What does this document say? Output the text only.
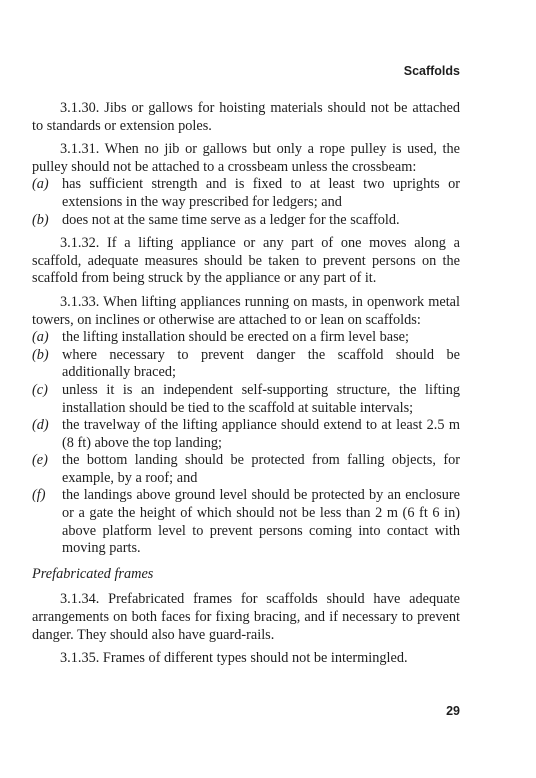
Scaffolds

3.1.30. Jibs or gallows for hoisting materials should not be attached to standards or extension poles.

3.1.31. When no jib or gallows but only a rope pulley is used, the pulley should not be attached to a crossbeam unless the crossbeam:

(a) has sufficient strength and is fixed to at least two uprights or extensions in the way prescribed for ledgers; and
(b) does not at the same time serve as a ledger for the scaffold.

3.1.32. If a lifting appliance or any part of one moves along a scaffold, adequate measures should be taken to prevent persons on the scaffold from being struck by the appliance or any part of it.

3.1.33. When lifting appliances running on masts, in openwork metal towers, on inclines or otherwise are attached to or lean on scaffolds:

(a) the lifting installation should be erected on a firm level base;
(b) where necessary to prevent danger the scaffold should be additionally braced;
(c) unless it is an independent self-supporting structure, the lifting installation should be tied to the scaffold at suitable intervals;
(d) the travelway of the lifting appliance should extend to at least 2.5 m (8 ft) above the top landing;
(e) the bottom landing should be protected from falling objects, for example, by a roof; and
(f) the landings above ground level should be protected by an enclosure or a gate the height of which should not be less than 2 m (6 ft 6 in) above platform level to prevent persons coming into contact with moving parts.
Prefabricated frames

3.1.34. Prefabricated frames for scaffolds should have adequate arrangements on both faces for fixing bracing, and if necessary to prevent danger. They should also have guard-rails.

3.1.35. Frames of different types should not be intermingled.

29
